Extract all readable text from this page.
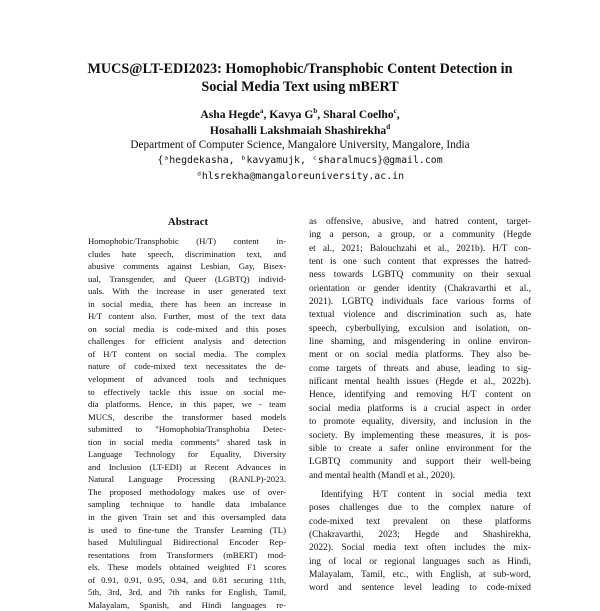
MUCS@LT-EDI2023: Homophobic/Transphobic Content Detection in
Social Media Text using mBERT
Asha Hegde$^a$, Kavya $G^b$, Sharal Coelho$^c$,
Hosahalli Lakshmaiah Shashirekha$^d$
Department of Computer Science, Mangalore University, Mangalore, India
{ᵃhegdekasha, ᵇkavyamujk, ᶜsharalmucs}@gmail.com
ᵈhlsrekha@mangaloreuniversity.ac.in
Abstract
Homophobic/Transphobic (H/T) content in-
cludes hate speech, discrimination text, and
abusive comments against Lesbian, Gay, Bisex-
ual, Transgender, and Queer (LGBTQ) individ-
uals. With the increase in user generated text
in social media, there has been an increase in
H/T content also. Further, most of the text data
on social media is code-mixed and this poses
challenges for efficient analysis and detection
of H/T content on social media. The complex
nature of code-mixed text necessitates the de-
velopment of advanced tools and techniques
to effectively tackle this issue on social me-
dia platforms. Hence, in this paper, we - team
MUCS, describe the transformer based models
submitted to "Homophobia/Transphobia Detec-
tion in social media comments" shared task in
Language Technology for Equality, Diversity
and Inclusion (LT-EDI) at Recent Advances in
Natural Language Processing (RANLP)-2023.
The proposed methodology makes use of over-
sampling technique to handle data imbalance
in the given Train set and this oversampled data
is used to fine-tune the Transfer Learning (TL)
based Multilingual Bidirectional Encoder Rep-
resentations from Transformers (mBERT) mod-
els. These models obtained weighted F1 scores
of 0.91, 0.91, 0.95, 0.94, and 0.81 securing 11th,
5th, 3rd, 3rd, and 7th ranks for English, Tamil,
Malayalam, Spanish, and Hindi languages re-
as offensive, abusive, and hatred content, target-
ing a person, a group, or a community (Hegde
et al., 2021; Balouchzahi et al., 2021b). H/T con-
tent is one such content that expresses the hatred-
ness towards LGBTQ community on their sexual
orientation or gender identity (Chakravarthi et al.,
2021). LGBTQ individuals face various forms of
textual violence and discrimination such as, hate
speech, cyberbullying, exculsion and isolation, on-
line shaming, and misgendering in online environ-
ment or on social media platforms. They also be-
come targets of threats and abuse, leading to sig-
nificant mental health issues (Hegde et al., 2022b).
Hence, identifying and removing H/T content on
social media platforms is a crucial aspect in order
to promote equality, diversity, and inclusion in the
society. By implementing these measures, it is pos-
sible to create a safer online environment for the
LGBTQ community and support their well-being
and mental health (Mandl et al., 2020).
Identifying H/T content in social media text
poses challenges due to the complex nature of
code-mixed text prevalent on these platforms
(Chakravarthi, 2023; Hegde and Shashirekha,
2022). Social media text often includes the mix-
ing of local or regional languages such as Hindi,
Malayalam, Tamil, etc., with English, at sub-word,
word and sentence level leading to code-mixed
